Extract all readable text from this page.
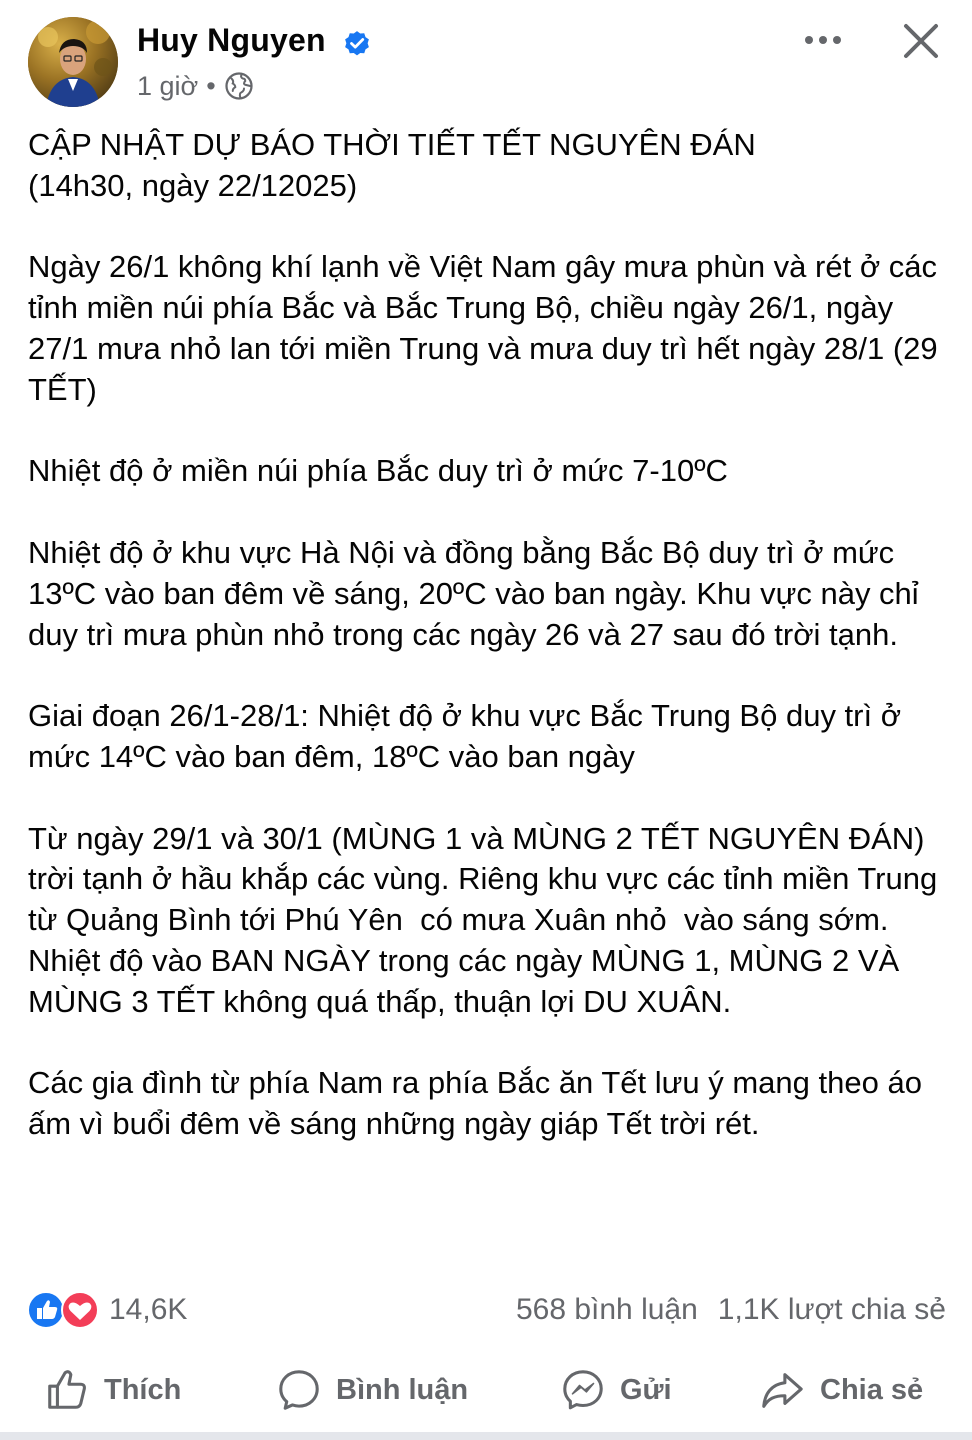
Huy Nguyen
1 giờ •

CẬP NHẬT DỰ BÁO THỜI TIẾT TẾT NGUYÊN ĐÁN
(14h30, ngày 22/12025)

Ngày 26/1 không khí lạnh về Việt Nam gây mưa phùn và rét ở các tỉnh miền núi phía Bắc và Bắc Trung Bộ, chiều ngày 26/1, ngày 27/1 mưa nhỏ lan tới miền Trung và mưa duy trì hết ngày 28/1 (29 TẾT)

Nhiệt độ ở miền núi phía Bắc duy trì ở mức 7-10ºC

Nhiệt độ ở khu vực Hà Nội và đồng bằng Bắc Bộ duy trì ở mức 13ºC vào ban đêm về sáng, 20ºC vào ban ngày. Khu vực này chỉ duy trì mưa phùn nhỏ trong các ngày 26 và 27 sau đó trời tạnh.

Giai đoạn 26/1-28/1: Nhiệt độ ở khu vực Bắc Trung Bộ duy trì ở mức 14ºC vào ban đêm, 18ºC vào ban ngày

Từ ngày 29/1 và 30/1 (MÙNG 1 và MÙNG 2 TẾT NGUYÊN ĐÁN) trời tạnh ở hầu khắp các vùng. Riêng khu vực các tỉnh miền Trung từ Quảng Bình tới Phú Yên  có mưa Xuân nhỏ  vào sáng sớm.

Nhiệt độ vào BAN NGÀY trong các ngày MÙNG 1, MÙNG 2 VÀ MÙNG 3 TẾT không quá thấp, thuận lợi DU XUÂN.

Các gia đình từ phía Nam ra phía Bắc ăn Tết lưu ý mang theo áo ấm vì buổi đêm về sáng những ngày giáp Tết trời rét.

14,6K	568 bình luận 1,1K lượt chia sẻ
Thích	Bình luận	Gửi	Chia sẻ
